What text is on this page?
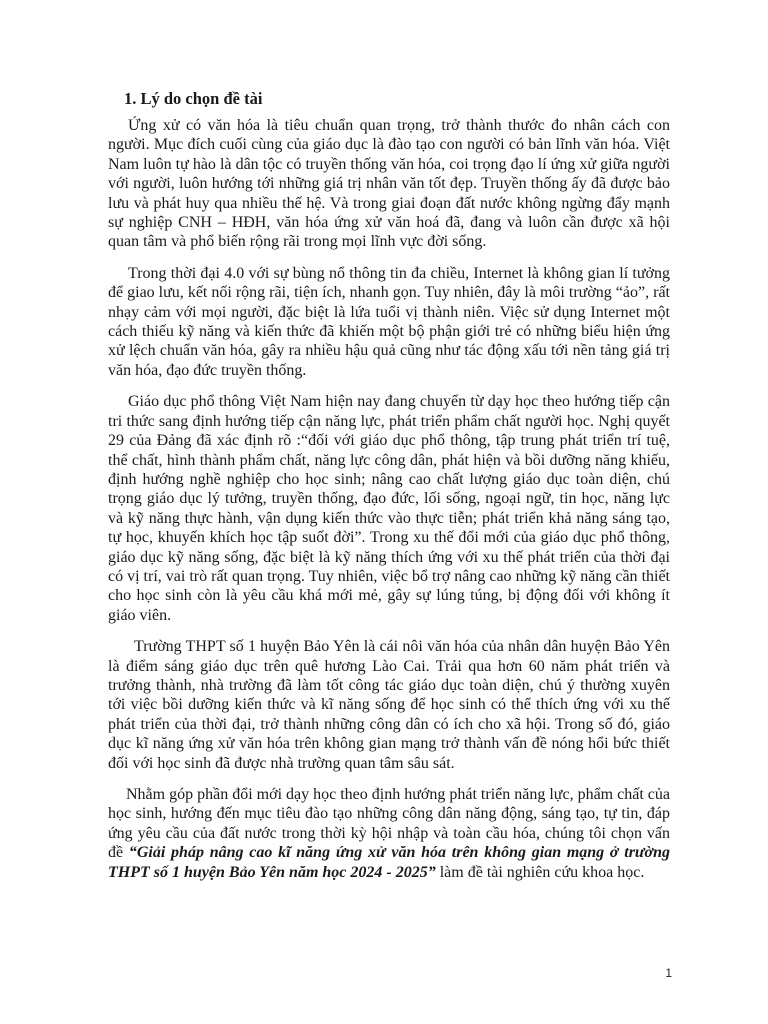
1. Lý do chọn đề tài

Ứng xử có văn hóa là tiêu chuẩn quan trọng, trở thành thước đo nhân cách con người. Mục đích cuối cùng của giáo dục là đào tạo con người có bản lĩnh văn hóa. Việt Nam luôn tự hào là dân tộc có truyền thống văn hóa, coi trọng đạo lí ứng xử giữa người với người, luôn hướng tới những giá trị nhân văn tốt đẹp. Truyền thống ấy đã được bảo lưu và phát huy qua nhiều thế hệ. Và trong giai đoạn đất nước không ngừng đẩy mạnh sự nghiệp CNH – HĐH, văn hóa ứng xử văn hoá đã, đang và luôn cần được xã hội quan tâm và phổ biến rộng rãi trong mọi lĩnh vực đời sống.

Trong thời đại 4.0 với sự bùng nổ thông tin đa chiều, Internet là không gian lí tưởng để giao lưu, kết nối rộng rãi, tiện ích, nhanh gọn. Tuy nhiên, đây là môi trường “ảo”, rất nhạy cảm với mọi người, đặc biệt là lứa tuổi vị thành niên. Việc sử dụng Internet một cách thiếu kỹ năng và kiến thức đã khiến một bộ phận giới trẻ có những biểu hiện ứng xử lệch chuẩn văn hóa, gây ra nhiều hậu quả cũng như tác động xấu tới nền tảng giá trị văn hóa, đạo đức truyền thống.

Giáo dục phổ thông Việt Nam hiện nay đang chuyển từ dạy học theo hướng tiếp cận tri thức sang định hướng tiếp cận năng lực, phát triển phẩm chất người học. Nghị quyết 29 của Đảng đã xác định rõ :“đối với giáo dục phổ thông, tập trung phát triển trí tuệ, thể chất, hình thành phẩm chất, năng lực công dân, phát hiện và bồi dưỡng năng khiếu, định hướng nghề nghiệp cho học sinh; nâng cao chất lượng giáo dục toàn diện, chú trọng giáo dục lý tưởng, truyền thống, đạo đức, lối sống, ngoại ngữ, tin học, năng lực và kỹ năng thực hành, vận dụng kiến thức vào thực tiễn; phát triển khả năng sáng tạo, tự học, khuyến khích học tập suốt đời”. Trong xu thế đổi mới của giáo dục phổ thông, giáo dục kỹ năng sống, đặc biệt là kỹ năng thích ứng với xu thế phát triển của thời đại có vị trí, vai trò rất quan trọng. Tuy nhiên, việc bổ trợ nâng cao những kỹ năng cần thiết cho học sinh còn là yêu cầu khá mới mẻ, gây sự lúng túng, bị động đối với không ít giáo viên.

Trường THPT số 1 huyện Bảo Yên là cái nôi văn hóa của nhân dân huyện Bảo Yên là điểm sáng giáo dục trên quê hương Lào Cai. Trải qua hơn 60 năm phát triển và trưởng thành, nhà trường đã làm tốt công tác giáo dục toàn diện, chú ý thường xuyên tới việc bồi dưỡng kiến thức và kĩ năng sống để học sinh có thể thích ứng với xu thế phát triển của thời đại, trở thành những công dân có ích cho xã hội. Trong số đó, giáo dục kĩ năng ứng xử văn hóa trên không gian mạng trở thành vấn đề nóng hổi bức thiết đối với học sinh đã được nhà trường quan tâm sâu sát.

Nhằm góp phần đổi mới dạy học theo định hướng phát triển năng lực, phẩm chất của học sinh, hướng đến mục tiêu đào tạo những công dân năng động, sáng tạo, tự tin, đáp ứng yêu cầu của đất nước trong thời kỳ hội nhập và toàn cầu hóa, chúng tôi chọn vấn đề “Giải pháp nâng cao kĩ năng ứng xử văn hóa trên không gian mạng ở trường THPT số 1 huyện Bảo Yên năm học 2024 - 2025” làm đề tài nghiên cứu khoa học.

1
